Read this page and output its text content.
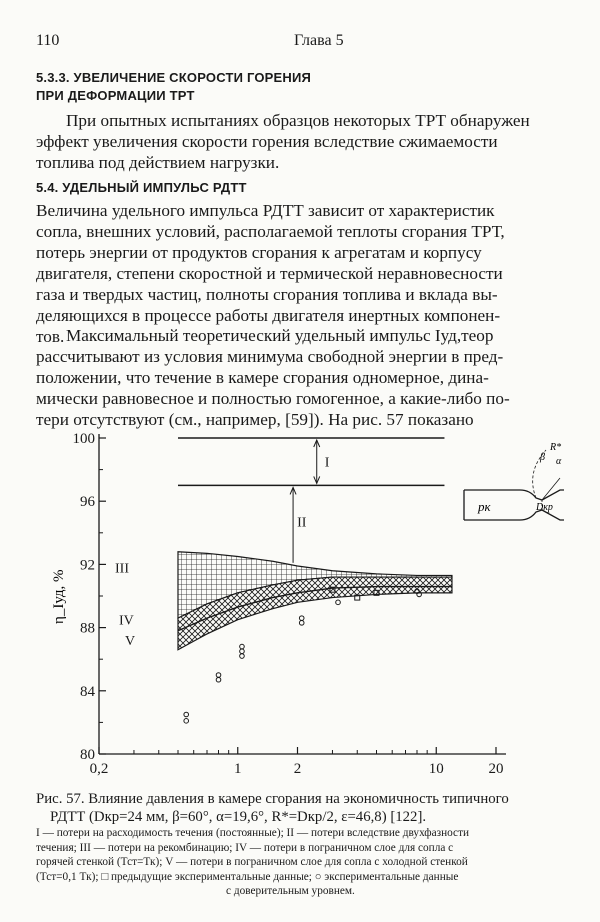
110	Глава 5
5.3.3. УВЕЛИЧЕНИЕ СКОРОСТИ ГОРЕНИЯ
ПРИ ДЕФОРМАЦИИ ТРТ
При опытных испытаниях образцов некоторых ТРТ обнаружен
эффект увеличения скорости горения вследствие сжимаемости
топлива под действием нагрузки.
5.4. УДЕЛЬНЫЙ ИМПУЛЬС РДТТ
Величина удельного импульса РДТТ зависит от характеристик
сопла, внешних условий, располагаемой теплоты сгорания ТРТ,
потерь энергии от продуктов сгорания к агрегатам и корпусу
двигателя, степени скоростной и термической неравновесности
газа и твердых частиц, полноты сгорания топлива и вклада вы-
деляющихся в процессе работы двигателя инертных компонен-
тов. Максимальный теоретический удельный импульс Iуд,теор
рассчитывают из условия минимума свободной энергии в пред-
положении, что течение в камере сгорания одномерное, дина-
мически равновесное и полностью гомогенное, а какие-либо по-
тери отсутствуют (см., например, [59]). На рис. 57 показано
80
84
88
92
96
100
0,2	1	2	10	20
I
II
III
IV
V
η_Iуд, %
pк	Dкр
R*
β α
Рис. 57. Влияние давления в камере сгорания на экономичность типичного
РДТТ (Dкр=24 мм, β=60°, α=19,6°, R*=Dкр/2, ε=46,8) [122].
I — потери на расходимость течения (постоянные); II — потери вследствие двухфазности
течения; III — потери на рекомбинацию; IV — потери в пограничном слое для сопла с
горячей стенкой (Тст=Тк); V — потери в пограничном слое для сопла с холодной стенкой
(Тст=0,1 Тк); □ предыдущие экспериментальные данные; ○ экспериментальные данные
с доверительным уровнем.
